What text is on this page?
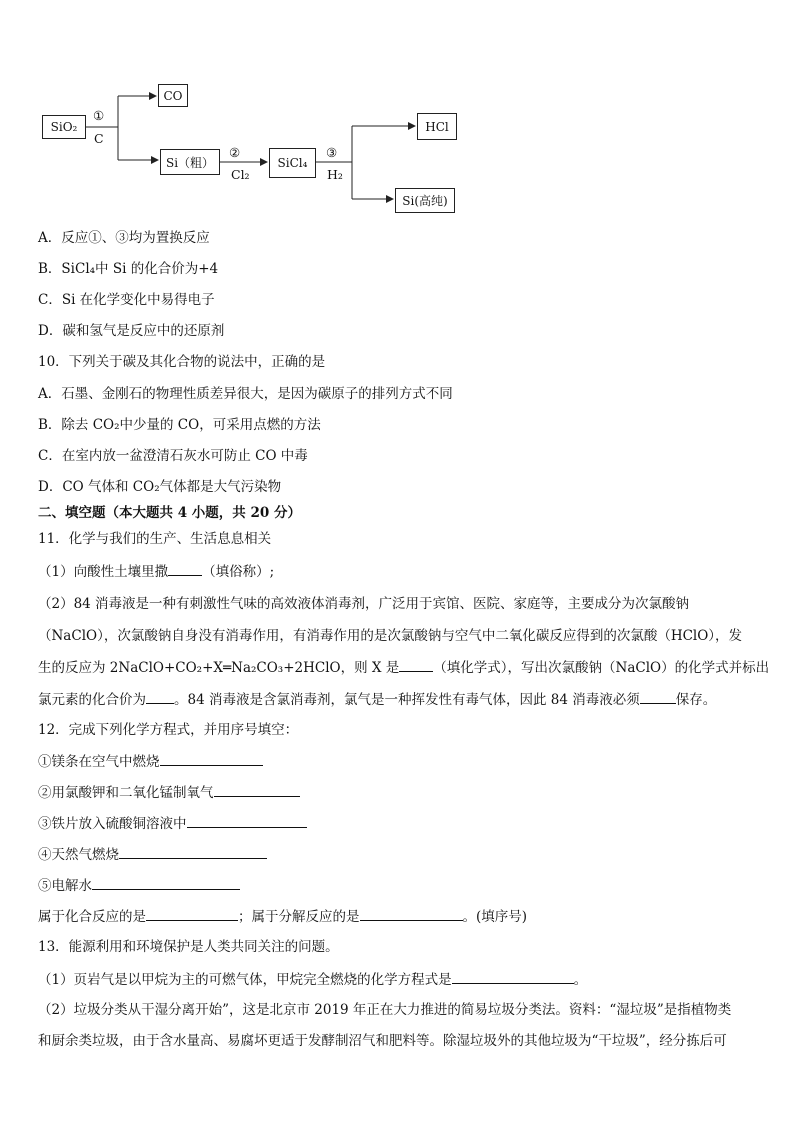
SiO₂
CO
Si（粗）	SiCl₄
HCl
Si(高纯)
①
C
②
Cl₂
③
H₂
A．反应①、③均为置换反应
B．SiCl₄中 Si 的化合价为+4
C．Si 在化学变化中易得电子
D．碳和氢气是反应中的还原剂
10．下列关于碳及其化合物的说法中，正确的是
A．石墨、金刚石的物理性质差异很大，是因为碳原子的排列方式不同
B．除去 CO₂中少量的 CO，可采用点燃的方法
C．在室内放一盆澄清石灰水可防止 CO 中毒
D．CO 气体和 CO₂气体都是大气污染物
二、填空题（本大题共 4 小题，共 20 分）
11．化学与我们的生产、生活息息相关
（1）向酸性土壤里撒	（填俗称）;
（2）84 消毒液是一种有刺激性气味的高效液体消毒剂，广泛用于宾馆、医院、家庭等，主要成分为次氯酸钠
（NaClO），次氯酸钠自身没有消毒作用，有消毒作用的是次氯酸钠与空气中二氧化碳反应得到的次氯酸（HClO），发
生的反应为 2NaClO+CO₂+X═Na₂CO₃+2HClO，则 X 是	（填化学式），写出次氯酸钠（NaClO）的化学式并标出
氯元素的化合价为 。84 消毒液是含氯消毒剂，氯气是一种挥发性有毒气体，因此 84 消毒液必须	保存。
12．完成下列化学方程式，并用序号填空：
①镁条在空气中燃烧
②用氯酸钾和二氧化锰制氧气
③铁片放入硫酸铜溶液中
④天然气燃烧
⑤电解水
属于化合反应的是	；属于分解反应的是	。(填序号)
13．能源利用和环境保护是人类共同关注的问题。
（1）页岩气是以甲烷为主的可燃气体，甲烷完全燃烧的化学方程式是	。
（2）垃圾分类从干湿分离开始”，这是北京市 2019 年正在大力推进的简易垃圾分类法。资料：“湿垃圾”是指植物类
和厨余类垃圾，由于含水量高、易腐坏更适于发酵制沼气和肥料等。除湿垃圾外的其他垃圾为“干垃圾”，经分拣后可
